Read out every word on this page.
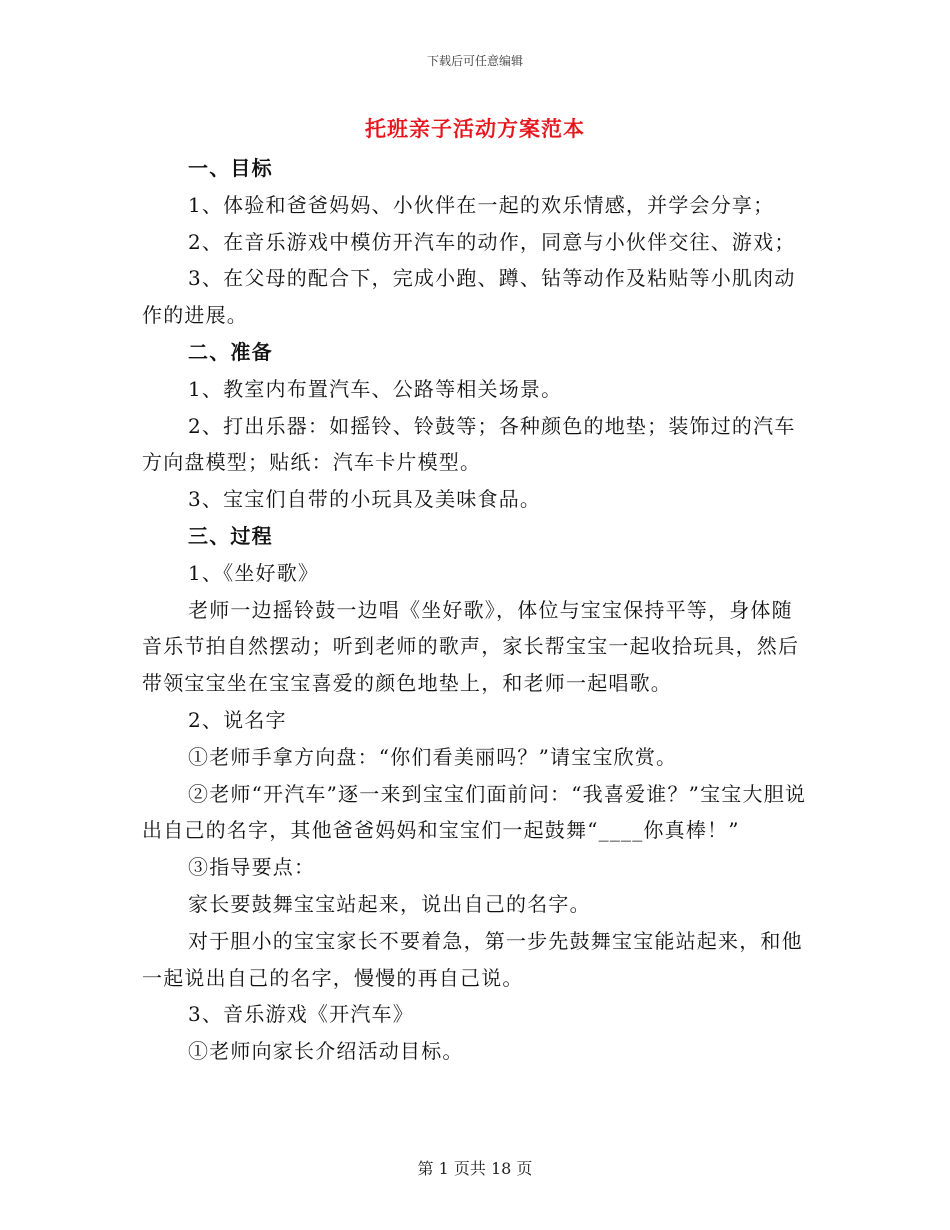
下载后可任意编辑
托班亲子活动方案范本

一、目标

1、体验和爸爸妈妈、小伙伴在一起的欢乐情感，并学会分享；

2、在音乐游戏中模仿开汽车的动作，同意与小伙伴交往、游戏；

3、在父母的配合下，完成小跑、蹲、钻等动作及粘贴等小肌肉动作的进展。

二、准备

1、教室内布置汽车、公路等相关场景。

2、打出乐器：如摇铃、铃鼓等；各种颜色的地垫；装饰过的汽车方向盘模型；贴纸：汽车卡片模型。

3、宝宝们自带的小玩具及美味食品。

三、过程

1、《坐好歌》

老师一边摇铃鼓一边唱《坐好歌》，体位与宝宝保持平等，身体随音乐节拍自然摆动；听到老师的歌声，家长帮宝宝一起收拾玩具，然后带领宝宝坐在宝宝喜爱的颜色地垫上，和老师一起唱歌。

2、说名字

①老师手拿方向盘：“你们看美丽吗？”请宝宝欣赏。

②老师“开汽车”逐一来到宝宝们面前问：“我喜爱谁？”宝宝大胆说出自己的名字，其他爸爸妈妈和宝宝们一起鼓舞“____你真棒！”

③指导要点：

家长要鼓舞宝宝站起来，说出自己的名字。

对于胆小的宝宝家长不要着急，第一步先鼓舞宝宝能站起来，和他一起说出自己的名字，慢慢的再自己说。

3、音乐游戏《开汽车》

①老师向家长介绍活动目标。

第 1 页共 18 页
